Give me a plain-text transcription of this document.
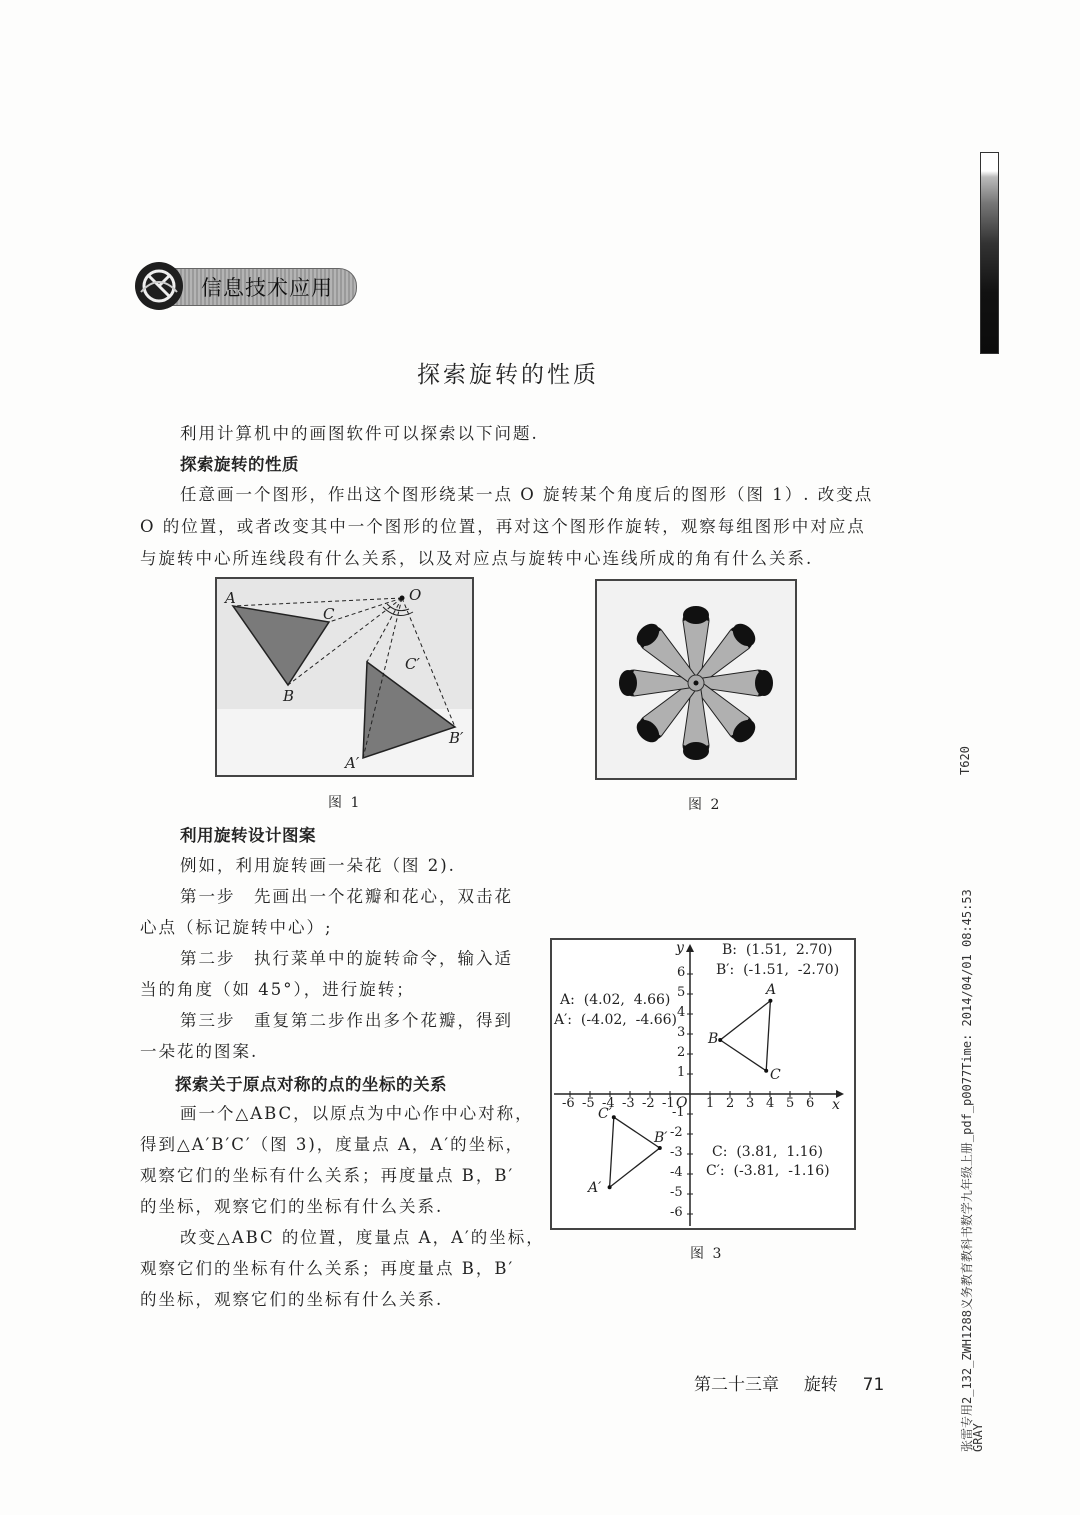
信息技术应用
探索旋转的性质
利用计算机中的画图软件可以探索以下问题.
探索旋转的性质
任意画一个图形，作出这个图形绕某一点 O 旋转某个角度后的图形（图 1）. 改变点
O 的位置，或者改变其中一个图形的位置，再对这个图形作旋转，观察每组图形中对应点
与旋转中心所连线段有什么关系，以及对应点与旋转中心连线所成的角有什么关系.
A
C
B
O
C′
B′
A′
图 1	图 2
利用旋转设计图案
例如，利用旋转画一朵花（图 2).
第一步　先画出一个花瓣和花心，双击花
心点（标记旋转中心）;
第二步　执行菜单中的旋转命令，输入适
当的角度（如 45°），进行旋转；
第三步　重复第二步作出多个花瓣，得到
一朵花的图案.
探索关于原点对称的点的坐标的关系
画一个△ABC，以原点为中心作中心对称，
得到△A′B′C′（图 3)，度量点 A，A′的坐标，
观察它们的坐标有什么关系；再度量点 B，B′
的坐标，观察它们的坐标有什么关系.
改变△ABC 的位置，度量点 A，A′的坐标，
观察它们的坐标有什么关系；再度量点 B，B′
的坐标，观察它们的坐标有什么关系.
-6 -5 -4 -3 -2 -1 1 2 3 4 5 6
O	x
y
6
5
4
3
2
1
-1
-2
-3
-4
-5
-6
A
B
C
A′
B′
C′
B:  (1.51,  2.70)
B′:  (-1.51,  -2.70)
A:  (4.02,  4.66)
A′:  (-4.02,  -4.66)
C:  (3.81,  1.16)
C′:  (-3.81,  -1.16)
图 3
第二十三章 旋转 71
T620
张雷专用2_132_ZWH1288义务教育教科书数学九年级上册_pdf_p0077Time: 2014/04/01 08:45:53
GRAY
